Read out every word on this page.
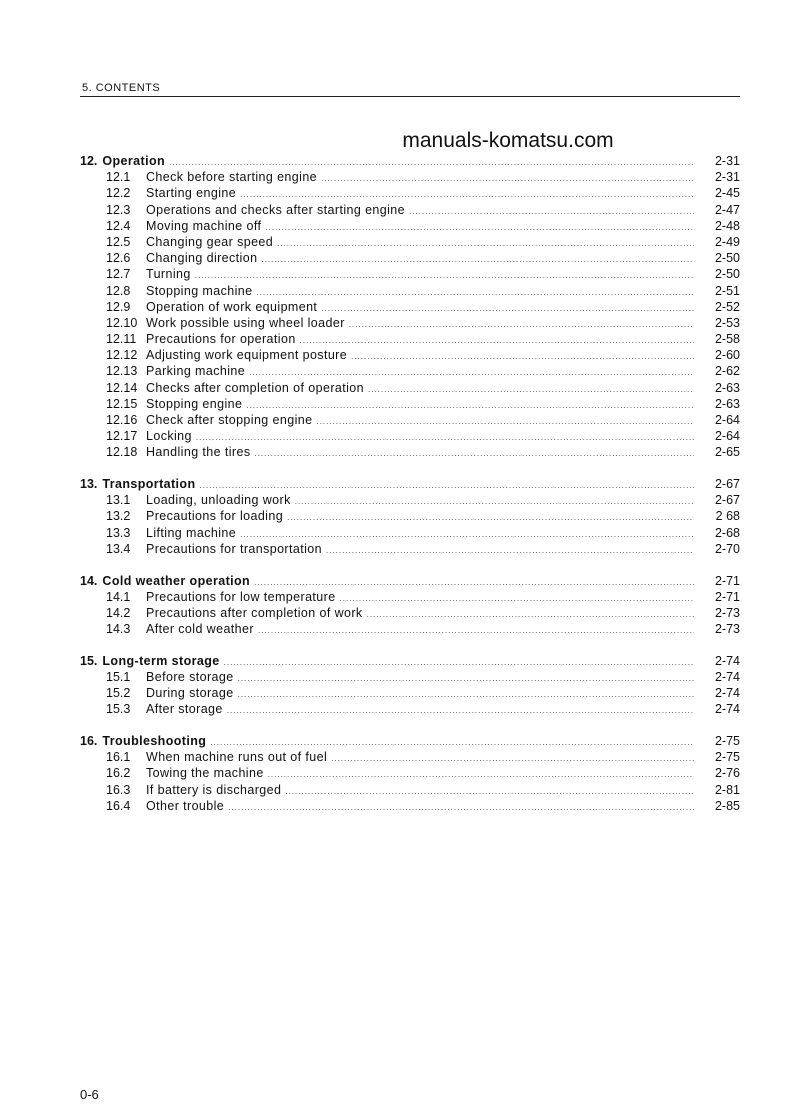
5. CONTENTS
manuals-komatsu.com
12. Operation .....	2-31
12.1	Check before starting engine .....	2-31
12.2	Starting engine .....	2-45
12.3	Operations and checks after starting engine .....	2-47
12.4	Moving machine off .....	2-48
12.5	Changing gear speed .....	2-49
12.6	Changing direction .....	2-50
12.7	Turning .....	2-50
12.8	Stopping machine .....	2-51
12.9	Operation of work equipment .....	2-52
12.10 Work possible using wheel loader .....	2-53
12.11 Precautions for operation .....	2-58
12.12 Adjusting work equipment posture .....	2-60
12.13 Parking machine .....	2-62
12.14 Checks after completion of operation .....	2-63
12.15 Stopping engine .....	2-63
12.16 Check after stopping engine .....	2-64
12.17 Locking .....	2-64
12.18 Handling the tires .....	2-65
13. Transportation .....	2-67
13.1	Loading, unloading work .....	2-67
13.2	Precautions for loading .....	2 68
13.3	Lifting machine .....	2-68
13.4	Precautions for transportation .....	2-70
14. Cold weather operation .....	2-71
14.1	Precautions for low temperature .....	2-71
14.2	Precautions after completion of work .....	2-73
14.3	After cold weather .....	2-73
15. Long-term storage .....	2-74
15.1	Before storage .....	2-74
15.2	During storage .....	2-74
15.3	After storage .....	2-74
16. Troubleshooting .....	2-75
16.1	When machine runs out of fuel .....	2-75
16.2	Towing the machine .....	2-76
16.3	If battery is discharged .....	2-81
16.4	Other trouble .....	2-85
0-6
